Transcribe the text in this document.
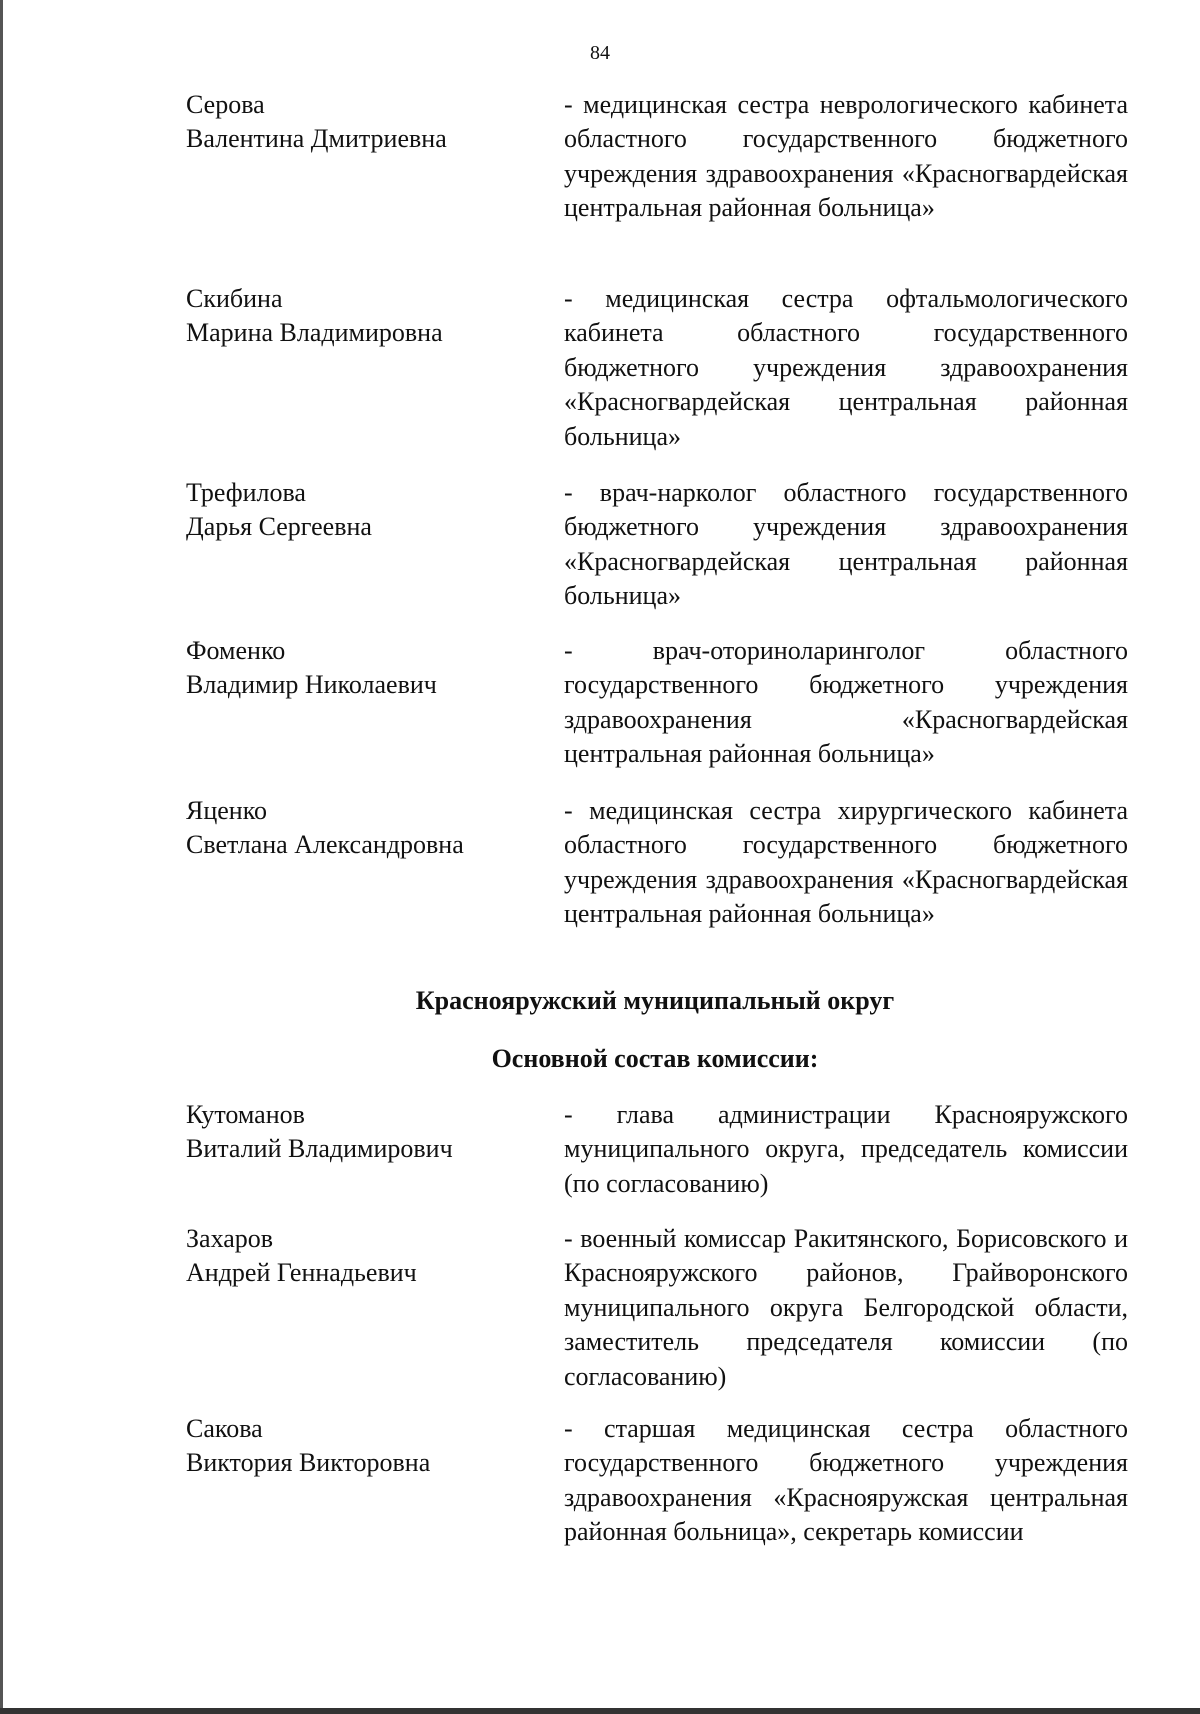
84
Серова
Валентина Дмитриевна
- медицинская сестра неврологического кабинета областного государственного бюджетного учреждения здравоохранения «Красногвардейская центральная районная больница»
Скибина
Марина Владимировна
- медицинская сестра офтальмологического кабинета областного государственного бюджетного учреждения здравоохранения «Красногвардейская центральная районная больница»
Трефилова
Дарья Сергеевна
- врач-нарколог областного государственного бюджетного учреждения здравоохранения «Красногвардейская центральная районная больница»
Фоменко
Владимир Николаевич
- врач-оториноларинголог областного государственного бюджетного учреждения здравоохранения «Красногвардейская центральная районная больница»
Яценко
Светлана Александровна
- медицинская сестра хирургического кабинета областного государственного бюджетного учреждения здравоохранения «Красногвардейская центральная районная больница»
Краснояружский муниципальный округ
Основной состав комиссии:
Кутоманов
Виталий Владимирович
- глава администрации Краснояружского муниципального округа, председатель комиссии (по согласованию)
Захаров
Андрей Геннадьевич
- военный комиссар Ракитянского, Борисовского и Краснояружского районов, Грайворонского муниципального округа Белгородской области, заместитель председателя комиссии (по согласованию)
Сакова
Виктория Викторовна
- старшая медицинская сестра областного государственного бюджетного учреждения здравоохранения «Краснояружская центральная районная больница», секретарь комиссии
